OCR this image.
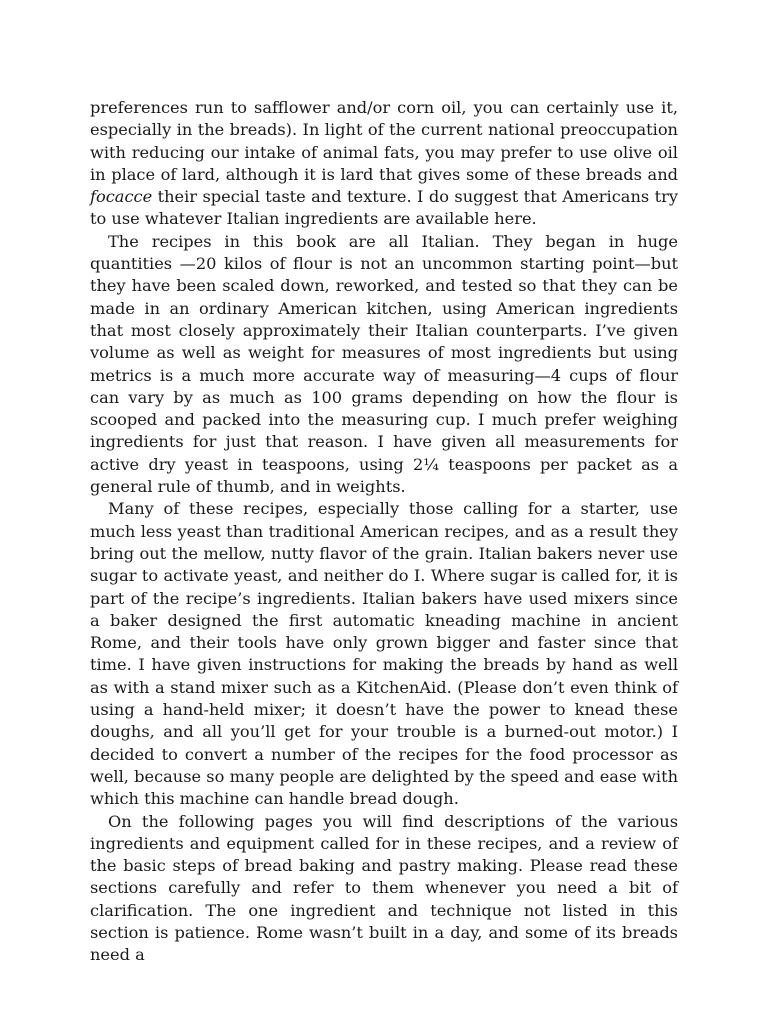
preferences run to safflower and/or corn oil, you can certainly use it, especially in the breads). In light of the current national preoccupation with reducing our intake of animal fats, you may prefer to use olive oil in place of lard, although it is lard that gives some of these breads and focacce their special taste and texture. I do suggest that Americans try to use whatever Italian ingredients are available here.

The recipes in this book are all Italian. They began in huge quantities —20 kilos of flour is not an uncommon starting point—but they have been scaled down, reworked, and tested so that they can be made in an ordinary American kitchen, using American ingredients that most closely approximately their Italian counterparts. I’ve given volume as well as weight for measures of most ingredients but using metrics is a much more accurate way of measuring—4 cups of flour can vary by as much as 100 grams depending on how the flour is scooped and packed into the measuring cup. I much prefer weighing ingredients for just that reason. I have given all measurements for active dry yeast in teaspoons, using 2¼ teaspoons per packet as a general rule of thumb, and in weights.

Many of these recipes, especially those calling for a starter, use much less yeast than traditional American recipes, and as a result they bring out the mellow, nutty flavor of the grain. Italian bakers never use sugar to activate yeast, and neither do I. Where sugar is called for, it is part of the recipe’s ingredients. Italian bakers have used mixers since a baker designed the first automatic kneading machine in ancient Rome, and their tools have only grown bigger and faster since that time. I have given instructions for making the breads by hand as well as with a stand mixer such as a KitchenAid. (Please don’t even think of using a hand-held mixer; it doesn’t have the power to knead these doughs, and all you’ll get for your trouble is a burned-out motor.) I decided to convert a number of the recipes for the food processor as well, because so many people are delighted by the speed and ease with which this machine can handle bread dough.

On the following pages you will find descriptions of the various ingredients and equipment called for in these recipes, and a review of the basic steps of bread baking and pastry making. Please read these sections carefully and refer to them whenever you need a bit of clarification. The one ingredient and technique not listed in this section is patience. Rome wasn’t built in a day, and some of its breads need a
